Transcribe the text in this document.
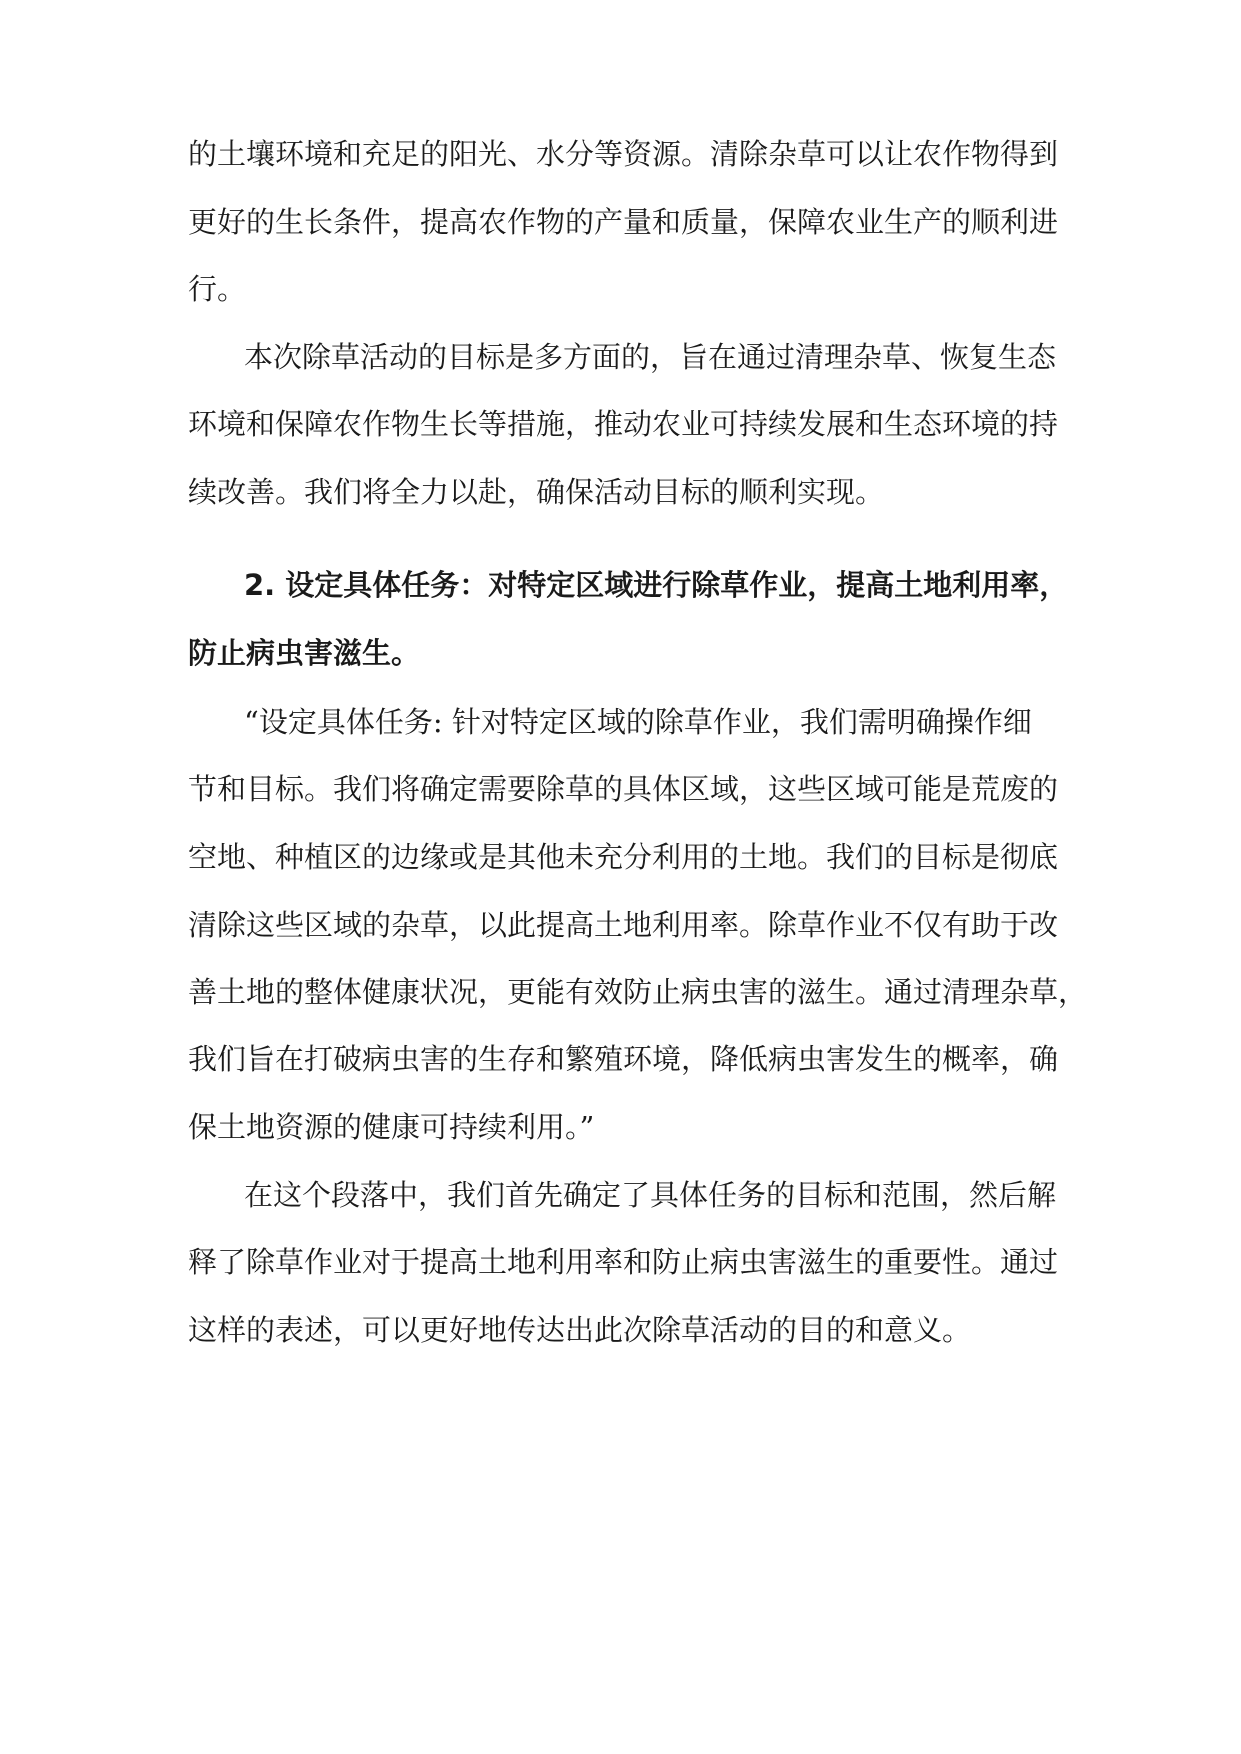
的土壤环境和充足的阳光、水分等资源。清除杂草可以让农作物得到
更好的生长条件，提高农作物的产量和质量，保障农业生产的顺利进
行。
本次除草活动的目标是多方面的，旨在通过清理杂草、恢复生态
环境和保障农作物生长等措施，推动农业可持续发展和生态环境的持
续改善。我们将全力以赴，确保活动目标的顺利实现。
2. 设定具体任务：对特定区域进行除草作业，提高土地利用率，
防止病虫害滋生。
“设定具体任务: 针对特定区域的除草作业，我们需明确操作细
节和目标。我们将确定需要除草的具体区域，这些区域可能是荒废的
空地、种植区的边缘或是其他未充分利用的土地。我们的目标是彻底
清除这些区域的杂草，以此提高土地利用率。除草作业不仅有助于改
善土地的整体健康状况，更能有效防止病虫害的滋生。通过清理杂草，
我们旨在打破病虫害的生存和繁殖环境，降低病虫害发生的概率，确
保土地资源的健康可持续利用。”
在这个段落中，我们首先确定了具体任务的目标和范围，然后解
释了除草作业对于提高土地利用率和防止病虫害滋生的重要性。通过
这样的表述，可以更好地传达出此次除草活动的目的和意义。
